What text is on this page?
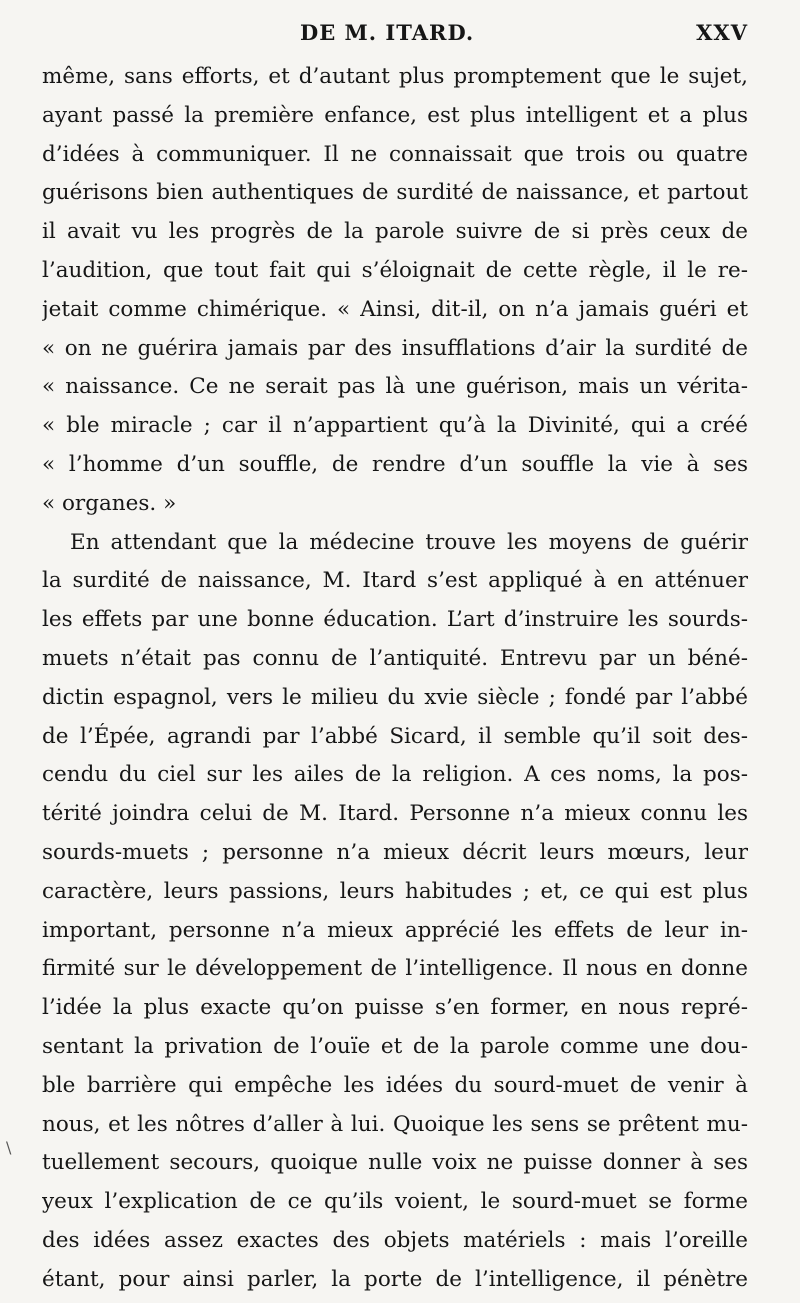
DE M. ITARD.	XXV
même, sans efforts, et d’autant plus promptement que le sujet,
ayant passé la première enfance, est plus intelligent et a plus
d’idées à communiquer. Il ne connaissait que trois ou quatre
guérisons bien authentiques de surdité de naissance, et partout
il avait vu les progrès de la parole suivre de si près ceux de
l’audition, que tout fait qui s’éloignait de cette règle, il le re-
jetait comme chimérique. « Ainsi, dit-il, on n’a jamais guéri et
« on ne guérira jamais par des insufflations d’air la surdité de
« naissance. Ce ne serait pas là une guérison, mais un vérita-
« ble miracle ; car il n’appartient qu’à la Divinité, qui a créé
« l’homme d’un souffle, de rendre d’un souffle la vie à ses
« organes. »
En attendant que la médecine trouve les moyens de guérir
la surdité de naissance, M. Itard s’est appliqué à en atténuer
les effets par une bonne éducation. L’art d’instruire les sourds-
muets n’était pas connu de l’antiquité. Entrevu par un béné-
dictin espagnol, vers le milieu du xvie siècle ; fondé par l’abbé
de l’Épée, agrandi par l’abbé Sicard, il semble qu’il soit des-
cendu du ciel sur les ailes de la religion. A ces noms, la pos-
térité joindra celui de M. Itard. Personne n’a mieux connu les
sourds-muets ; personne n’a mieux décrit leurs mœurs, leur
caractère, leurs passions, leurs habitudes ; et, ce qui est plus
important, personne n’a mieux apprécié les effets de leur in-
firmité sur le développement de l’intelligence. Il nous en donne
l’idée la plus exacte qu’on puisse s’en former, en nous repré-
sentant la privation de l’ouïe et de la parole comme une dou-
ble barrière qui empêche les idées du sourd-muet de venir à
nous, et les nôtres d’aller à lui. Quoique les sens se prêtent mu-
tuellement secours, quoique nulle voix ne puisse donner à ses
yeux l’explication de ce qu’ils voient, le sourd-muet se forme
des idées assez exactes des objets matériels : mais l’oreille
étant, pour ainsi parler, la porte de l’intelligence, il pénètre
\
